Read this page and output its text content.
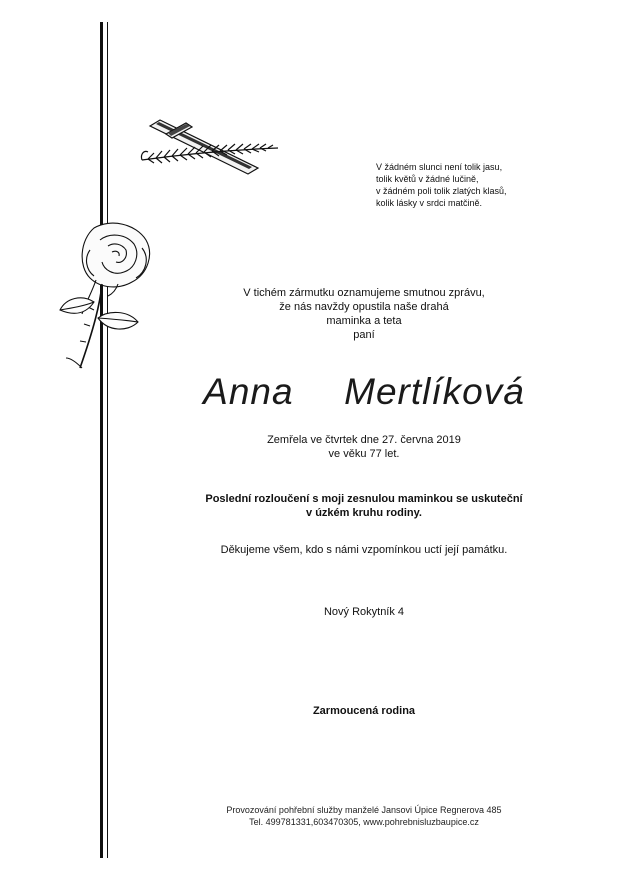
V žádném slunci není tolik jasu,
tolik květů v žádné lučině,
v žádném poli tolik zlatých klasů,
kolik lásky v srdci matčině.
V tichém zármutku oznamujeme smutnou zprávu,
že nás navždy opustila naše drahá
maminka a teta
paní
Anna  Mertlíková
Zemřela ve čtvrtek dne 27. června 2019
ve věku 77 let.
Poslední rozloučení s moji zesnulou maminkou se uskuteční
v úzkém kruhu rodiny.
Děkujeme všem, kdo s námi vzpomínkou uctí její památku.
Nový Rokytník 4
Zarmoucená rodina
Provozování pohřební služby manželé Jansovi Úpice Regnerova 485
Tel. 499781331,603470305, www.pohrebnisluzbaupice.cz
